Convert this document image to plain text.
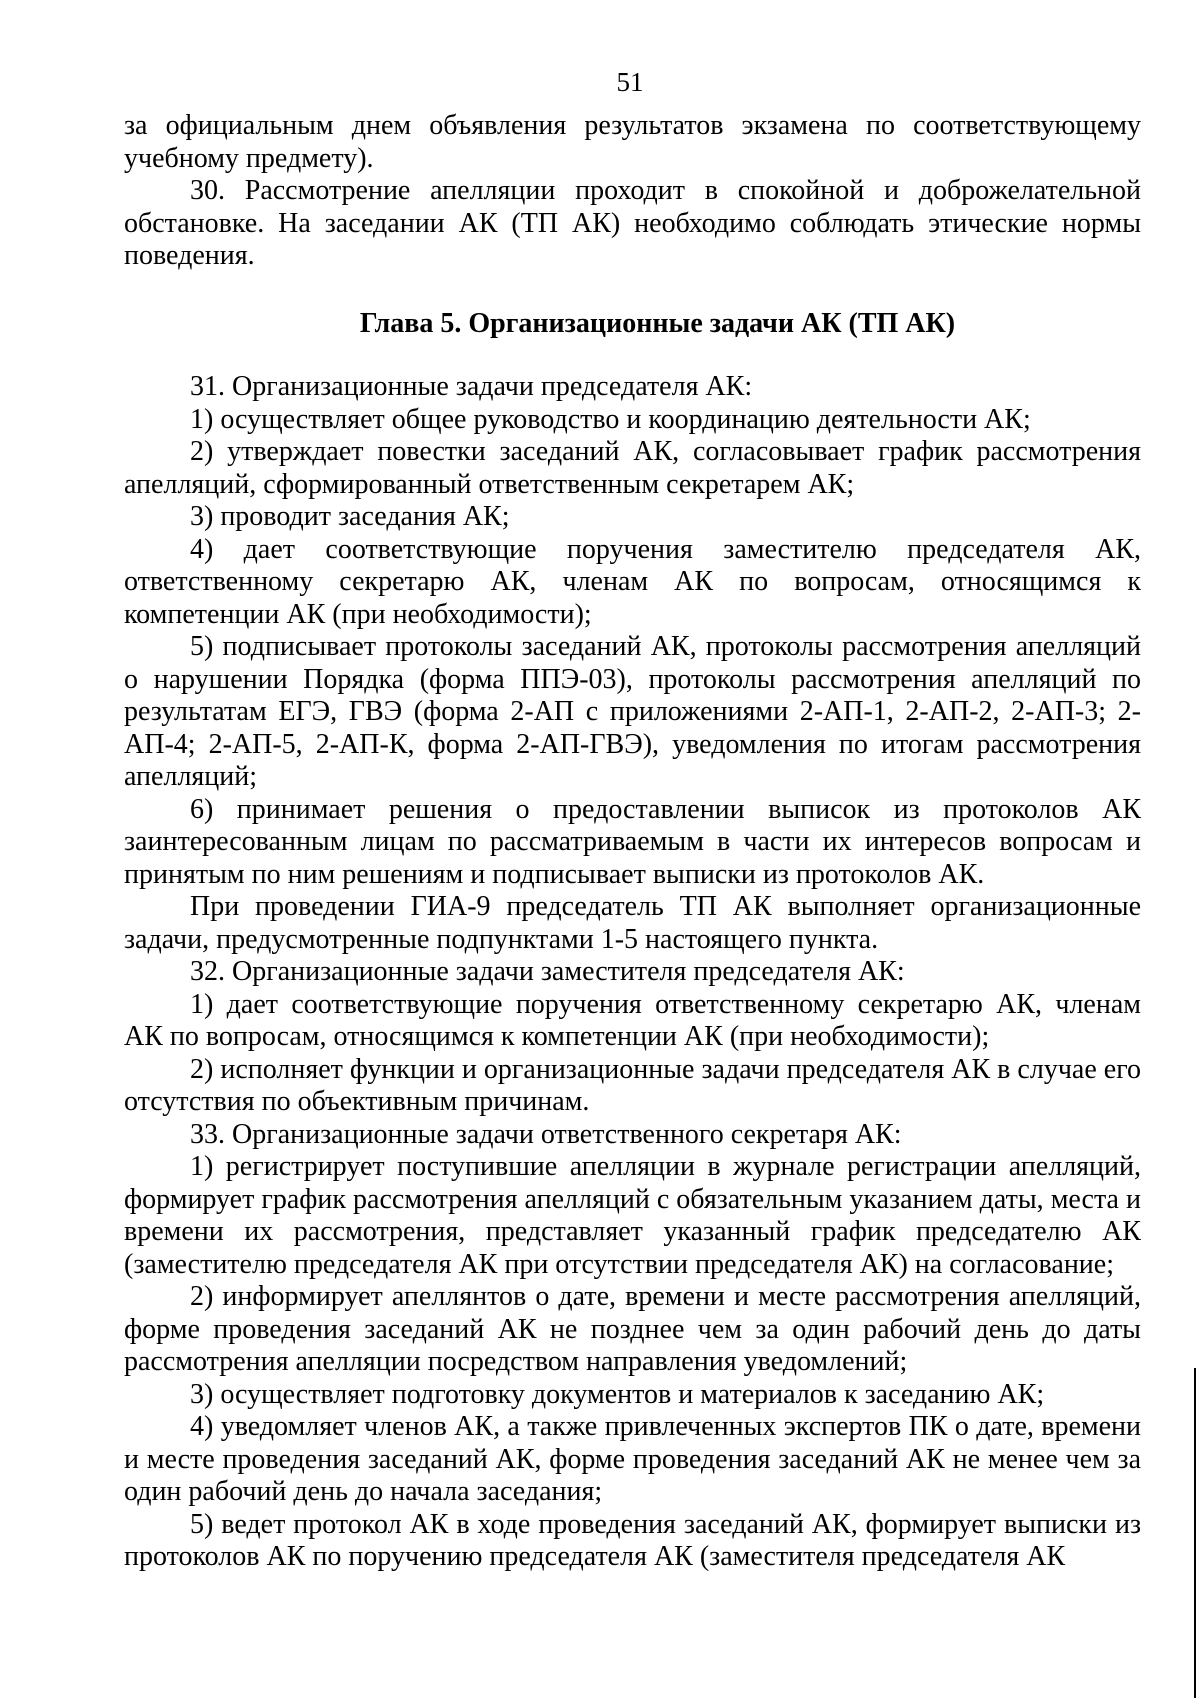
51

за официальным днем объявления результатов экзамена по соответствующему учебному предмету).

30. Рассмотрение апелляции проходит в спокойной и доброжелательной обстановке. На заседании АК (ТП АК) необходимо соблюдать этические нормы поведения.

Глава 5. Организационные задачи АК (ТП АК)

31. Организационные задачи председателя АК:

1) осуществляет общее руководство и координацию деятельности АК;

2) утверждает повестки заседаний АК, согласовывает график рассмотрения апелляций, сформированный ответственным секретарем АК;

3) проводит заседания АК;

4) дает соответствующие поручения заместителю председателя АК, ответственному секретарю АК, членам АК по вопросам, относящимся к компетенции АК (при необходимости);

5) подписывает протоколы заседаний АК, протоколы рассмотрения апелляций о нарушении Порядка (форма ППЭ-03), протоколы рассмотрения апелляций по результатам ЕГЭ, ГВЭ (форма 2-АП с приложениями 2-АП-1, 2-АП-2, 2-АП-3; 2-АП-4; 2-АП-5, 2-АП-К, форма 2-АП-ГВЭ), уведомления по итогам рассмотрения апелляций;

6) принимает решения о предоставлении выписок из протоколов АК заинтересованным лицам по рассматриваемым в части их интересов вопросам и принятым по ним решениям и подписывает выписки из протоколов АК.

При проведении ГИА-9 председатель ТП АК выполняет организационные задачи, предусмотренные подпунктами 1-5 настоящего пункта.

32. Организационные задачи заместителя председателя АК:

1) дает соответствующие поручения ответственному секретарю АК, членам АК по вопросам, относящимся к компетенции АК (при необходимости);

2) исполняет функции и организационные задачи председателя АК в случае его отсутствия по объективным причинам.

33. Организационные задачи ответственного секретаря АК:

1) регистрирует поступившие апелляции в журнале регистрации апелляций, формирует график рассмотрения апелляций с обязательным указанием даты, места и времени их рассмотрения, представляет указанный график председателю АК (заместителю председателя АК при отсутствии председателя АК) на согласование;

2) информирует апеллянтов о дате, времени и месте рассмотрения апелляций, форме проведения заседаний АК не позднее чем за один рабочий день до даты рассмотрения апелляции посредством направления уведомлений;

3) осуществляет подготовку документов и материалов к заседанию АК;

4) уведомляет членов АК, а также привлеченных экспертов ПК о дате, времени и месте проведения заседаний АК, форме проведения заседаний АК не менее чем за один рабочий день до начала заседания;

5) ведет протокол АК в ходе проведения заседаний АК, формирует выписки из протоколов АК по поручению председателя АК (заместителя председателя АК
